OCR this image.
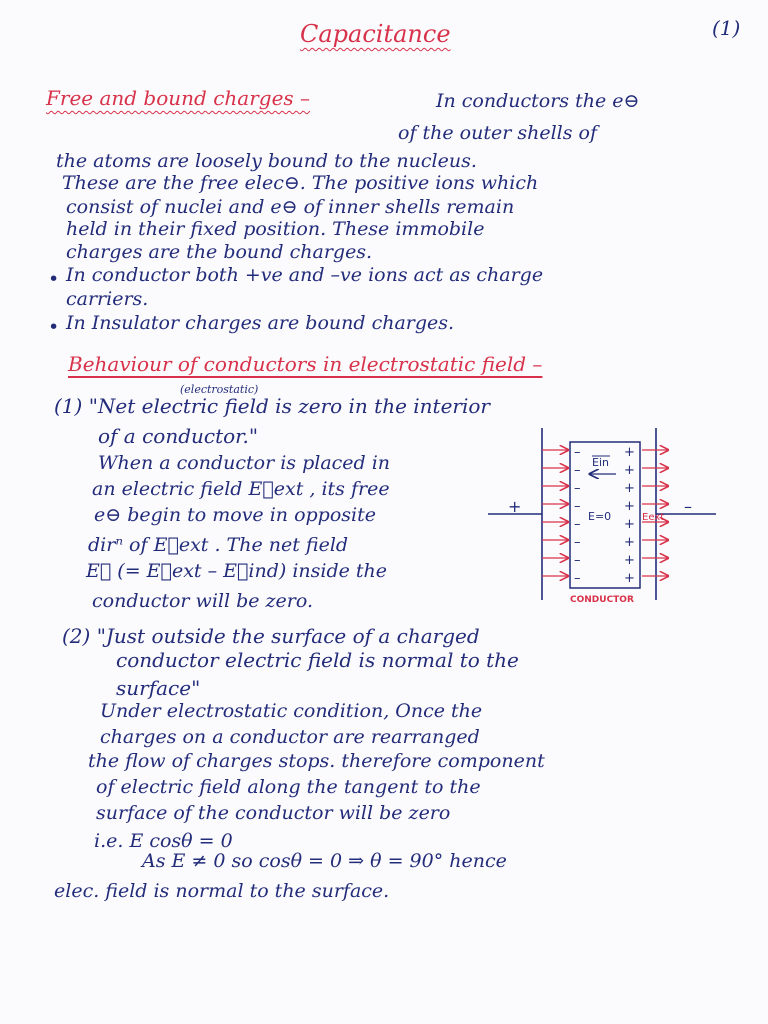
Capacitance	(1)
Free and bound charges –	In conductors the e⊖
of the outer shells of
the atoms are loosely bound to the nucleus.
These are the free elec⊖. The positive ions which
consist of nuclei and e⊖ of inner shells remain
held in their fixed position. These immobile
charges are the bound charges.
• In conductor both +ve and –ve ions act as charge
carriers.
• In Insulator charges are bound charges.
Behaviour of conductors in electrostatic field –
(electrostatic)
(1) "Net electric field is zero in the interior
of a conductor."
When a conductor is placed in
an electric field E⃗ext , its free
e⊖ begin to move in opposite
dirⁿ of E⃗ext . The net field
E⃗ (= E⃗ext – E⃗ind) inside the
conductor will be zero.
(2) "Just outside the surface of a charged
conductor electric field is normal to the
surface"
Under electrostatic condition, Once the
charges on a conductor are rearranged
the flow of charges stops. therefore component
of electric field along the tangent to the
surface of the conductor will be zero
i.e. E cosθ = 0
As E ≠ 0 so cosθ = 0 ⇒ θ = 90° hence
elec. field is normal to the surface.
–
–
–
–
–
–
–
–
+
+
+
+
+
+
+
+
+	–
Ein
E=0	Eext
CONDUCTOR
